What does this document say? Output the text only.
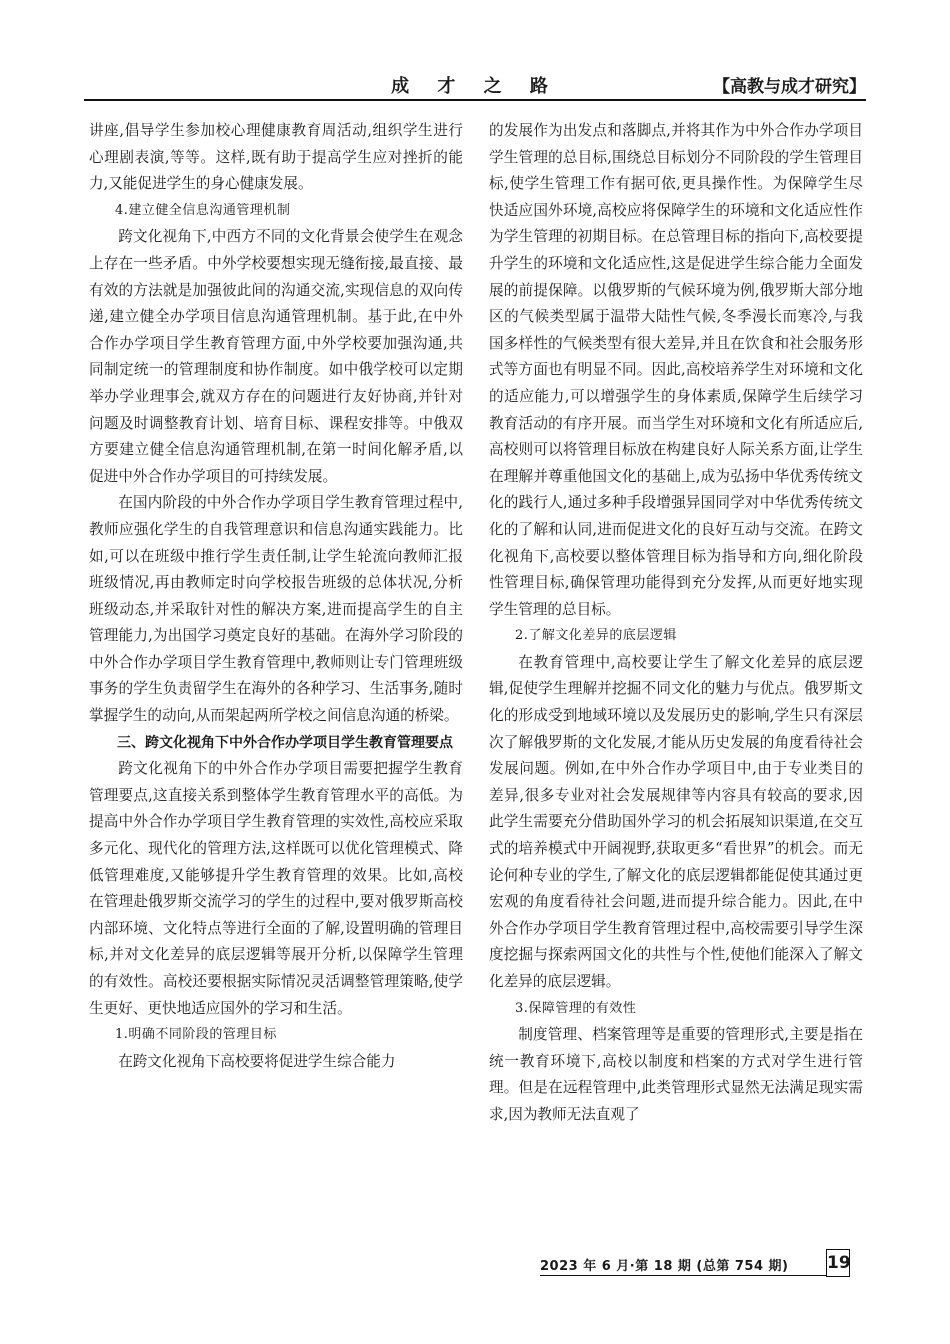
成 才 之 路	【高教与成才研究】

讲座,倡导学生参加校心理健康教育周活动,组织学生进行心理剧表演,等等。这样,既有助于提高学生应对挫折的能力,又能促进学生的身心健康发展。

4.建立健全信息沟通管理机制

跨文化视角下,中西方不同的文化背景会使学生在观念上存在一些矛盾。中外学校要想实现无缝衔接,最直接、最有效的方法就是加强彼此间的沟通交流,实现信息的双向传递,建立健全办学项目信息沟通管理机制。基于此,在中外合作办学项目学生教育管理方面,中外学校要加强沟通,共同制定统一的管理制度和协作制度。如中俄学校可以定期举办学业理事会,就双方存在的问题进行友好协商,并针对问题及时调整教育计划、培育目标、课程安排等。中俄双方要建立健全信息沟通管理机制,在第一时间化解矛盾,以促进中外合作办学项目的可持续发展。

在国内阶段的中外合作办学项目学生教育管理过程中,教师应强化学生的自我管理意识和信息沟通实践能力。比如,可以在班级中推行学生责任制,让学生轮流向教师汇报班级情况,再由教师定时向学校报告班级的总体状况,分析班级动态,并采取针对性的解决方案,进而提高学生的自主管理能力,为出国学习奠定良好的基础。在海外学习阶段的中外合作办学项目学生教育管理中,教师则让专门管理班级事务的学生负责留学生在海外的各种学习、生活事务,随时掌握学生的动向,从而架起两所学校之间信息沟通的桥梁。

三、跨文化视角下中外合作办学项目学生教育管理要点

跨文化视角下的中外合作办学项目需要把握学生教育管理要点,这直接关系到整体学生教育管理水平的高低。为提高中外合作办学项目学生教育管理的实效性,高校应采取多元化、现代化的管理方法,这样既可以优化管理模式、降低管理难度,又能够提升学生教育管理的效果。比如,高校在管理赴俄罗斯交流学习的学生的过程中,要对俄罗斯高校内部环境、文化特点等进行全面的了解,设置明确的管理目标,并对文化差异的底层逻辑等展开分析,以保障学生管理的有效性。高校还要根据实际情况灵活调整管理策略,使学生更好、更快地适应国外的学习和生活。

1.明确不同阶段的管理目标

在跨文化视角下高校要将促进学生综合能力

的发展作为出发点和落脚点,并将其作为中外合作办学项目学生管理的总目标,围绕总目标划分不同阶段的学生管理目标,使学生管理工作有据可依,更具操作性。为保障学生尽快适应国外环境,高校应将保障学生的环境和文化适应性作为学生管理的初期目标。在总管理目标的指向下,高校要提升学生的环境和文化适应性,这是促进学生综合能力全面发展的前提保障。以俄罗斯的气候环境为例,俄罗斯大部分地区的气候类型属于温带大陆性气候,冬季漫长而寒冷,与我国多样性的气候类型有很大差异,并且在饮食和社会服务形式等方面也有明显不同。因此,高校培养学生对环境和文化的适应能力,可以增强学生的身体素质,保障学生后续学习教育活动的有序开展。而当学生对环境和文化有所适应后,高校则可以将管理目标放在构建良好人际关系方面,让学生在理解并尊重他国文化的基础上,成为弘扬中华优秀传统文化的践行人,通过多种手段增强异国同学对中华优秀传统文化的了解和认同,进而促进文化的良好互动与交流。在跨文化视角下,高校要以整体管理目标为指导和方向,细化阶段性管理目标,确保管理功能得到充分发挥,从而更好地实现学生管理的总目标。

2.了解文化差异的底层逻辑

在教育管理中,高校要让学生了解文化差异的底层逻辑,促使学生理解并挖掘不同文化的魅力与优点。俄罗斯文化的形成受到地域环境以及发展历史的影响,学生只有深层次了解俄罗斯的文化发展,才能从历史发展的角度看待社会发展问题。例如,在中外合作办学项目中,由于专业类目的差异,很多专业对社会发展规律等内容具有较高的要求,因此学生需要充分借助国外学习的机会拓展知识渠道,在交互式的培养模式中开阔视野,获取更多“看世界”的机会。而无论何种专业的学生,了解文化的底层逻辑都能促使其通过更宏观的角度看待社会问题,进而提升综合能力。因此,在中外合作办学项目学生教育管理过程中,高校需要引导学生深度挖掘与探索两国文化的共性与个性,使他们能深入了解文化差异的底层逻辑。

3.保障管理的有效性

制度管理、档案管理等是重要的管理形式,主要是指在统一教育环境下,高校以制度和档案的方式对学生进行管理。但是在远程管理中,此类管理形式显然无法满足现实需求,因为教师无法直观了

2023 年 6 月·第 18 期 (总第 754 期) 19
